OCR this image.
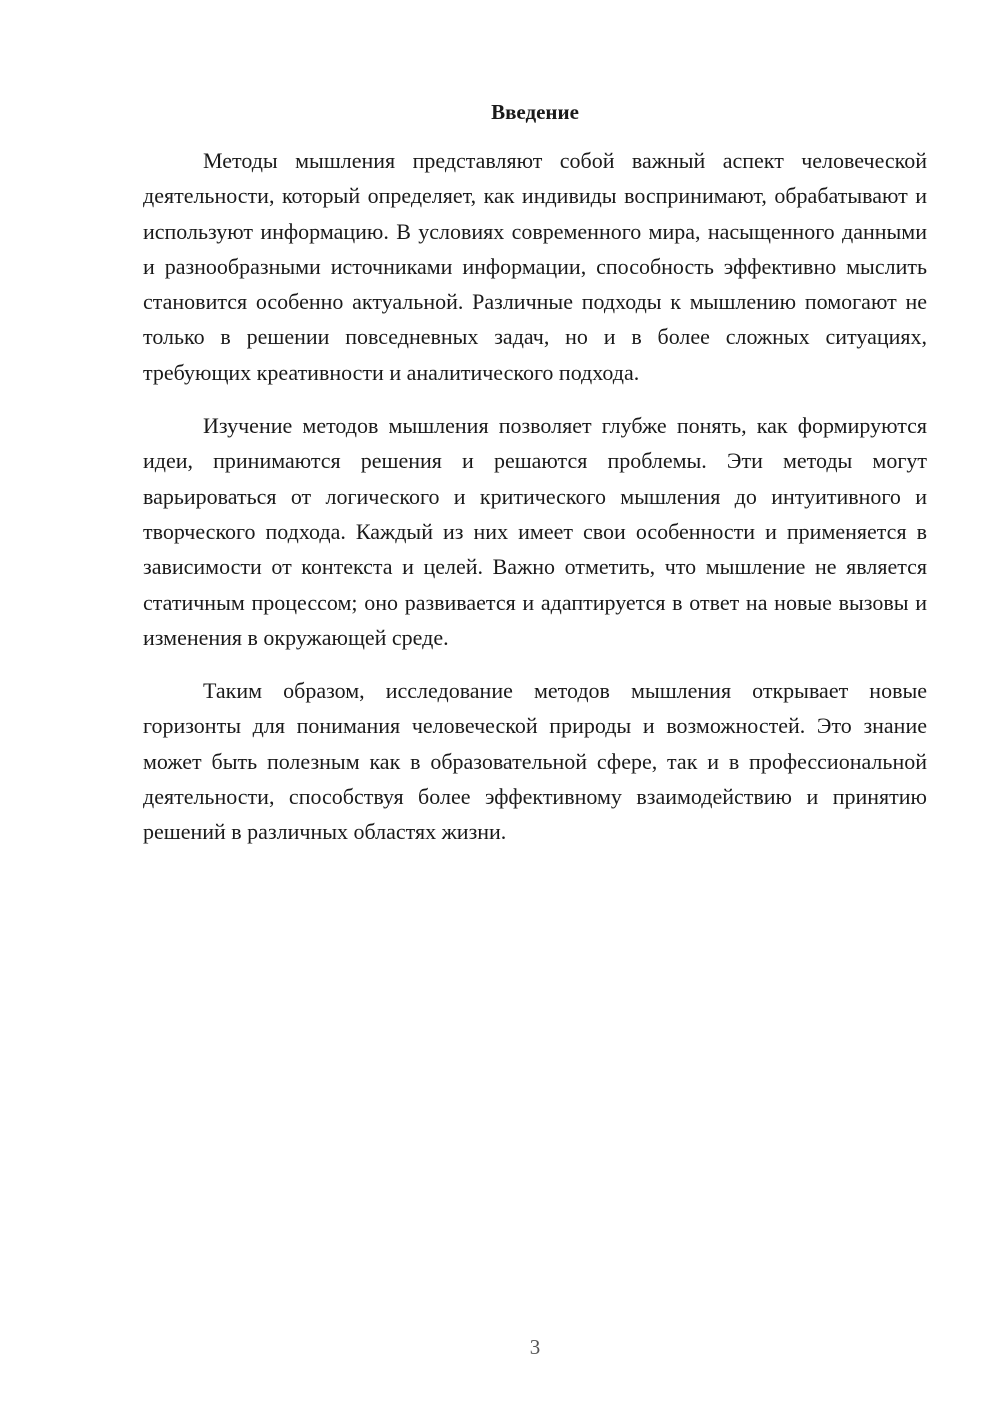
Введение

Методы мышления представляют собой важный аспект человеческой деятельности, который определяет, как индивиды воспринимают, обрабатывают и используют информацию. В условиях современного мира, насыщенного данными и разнообразными источниками информации, способность эффективно мыслить становится особенно актуальной. Различные подходы к мышлению помогают не только в решении повседневных задач, но и в более сложных ситуациях, требующих креативности и аналитического подхода.

Изучение методов мышления позволяет глубже понять, как формируются идеи, принимаются решения и решаются проблемы. Эти методы могут варьироваться от логического и критического мышления до интуитивного и творческого подхода. Каждый из них имеет свои особенности и применяется в зависимости от контекста и целей. Важно отметить, что мышление не является статичным процессом; оно развивается и адаптируется в ответ на новые вызовы и изменения в окружающей среде.

Таким образом, исследование методов мышления открывает новые горизонты для понимания человеческой природы и возможностей. Это знание может быть полезным как в образовательной сфере, так и в профессиональной деятельности, способствуя более эффективному взаимодействию и принятию решений в различных областях жизни.

3
